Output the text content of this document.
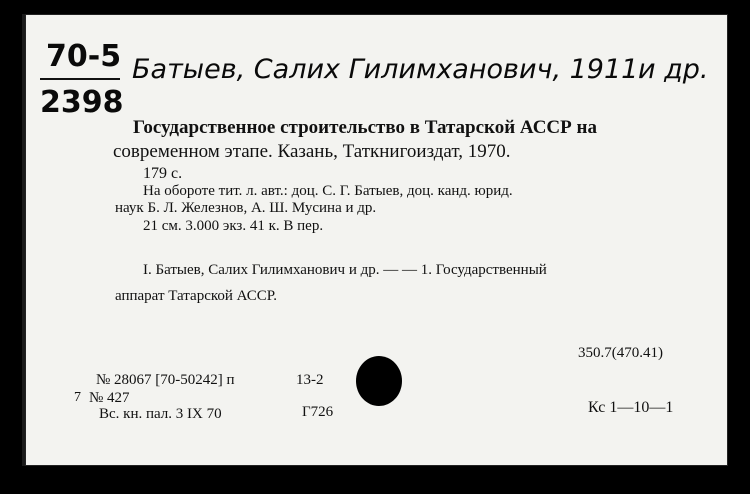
70-5
2398
Батыев, Салих Гилимханович, 1911 и др.
Государственное строительство в Татарской АССР на
современном этапе. Казань, Таткнигоиздат, 1970.
179 с.
На обороте тит. л. авт.: доц. С. Г. Батыев, доц. канд. юрид.
наук Б. Л. Железнов, А. Ш. Мусина и др.
21 см. 3.000 экз. 41 к. В пер.
I. Батыев, Салих Гилимханович и др. — — 1. Государственный
аппарат Татарской АССР.
350.7(470.41)
№ 28067 [70-50242] п	13-2
7 № 427
Вс. кн. пал. 3 IX 70	Г726	Кс 1—10—1
